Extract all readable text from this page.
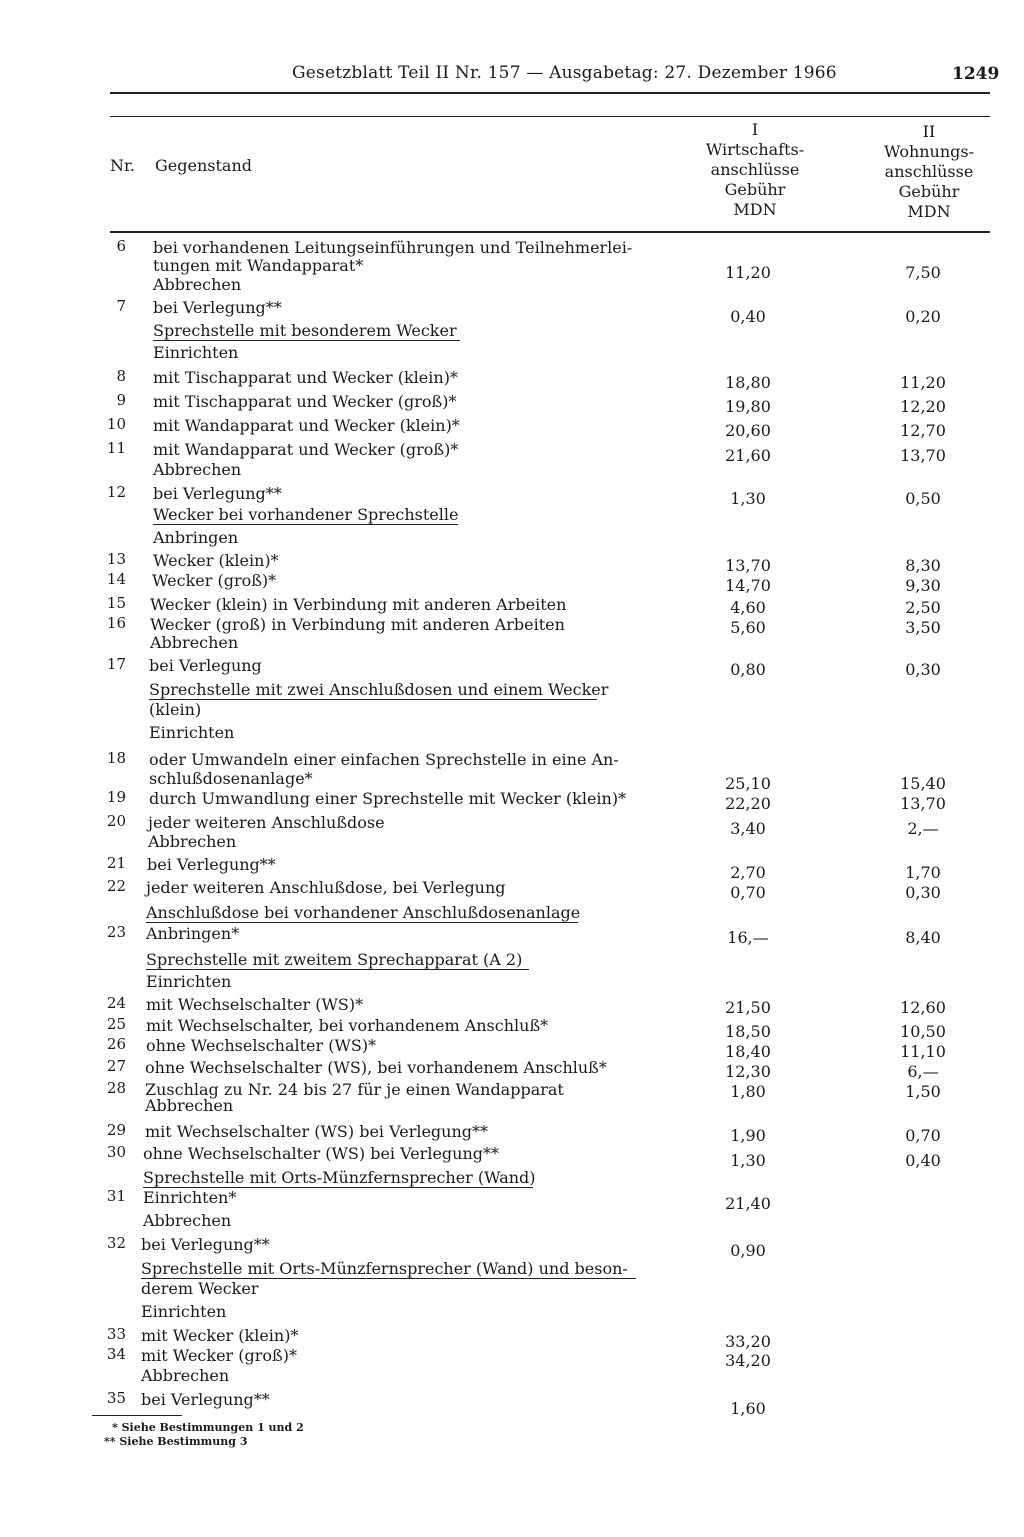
Gesetzblatt Teil II Nr. 157 — Ausgabetag: 27. Dezember 1966	1249
Nr. Gegenstand
I
Wirtschafts-
anschlüsse
Gebühr
MDN
II
Wohnungs-
anschlüsse
Gebühr
MDN
6 bei vorhandenen Leitungseinführungen und Teilnehmerlei-
tungen mit Wandapparat*
Abbrechen
11,20	7,50
7 bei Verlegung**
Sprechstelle mit besonderem Wecker
Einrichten
0,40	0,20
8 mit Tischapparat und Wecker (klein)*	18,80	11,20
9 mit Tischapparat und Wecker (groß)*	19,80	12,20
10 mit Wandapparat und Wecker (klein)*	20,60	12,70
11 mit Wandapparat und Wecker (groß)*
Abbrechen
21,60	13,70
12 bei Verlegung**
Wecker bei vorhandener Sprechstelle
Anbringen
1,30	0,50
13 Wecker (klein)*	13,70	8,30
14 Wecker (groß)*	14,70	9,30
15 Wecker (klein) in Verbindung mit anderen Arbeiten	4,60	2,50
16 Wecker (groß) in Verbindung mit anderen Arbeiten
Abbrechen
5,60	3,50
17 bei Verlegung
Sprechstelle mit zwei Anschlußdosen und einem Wecker
(klein)
Einrichten
0,80	0,30
18 oder Umwandeln einer einfachen Sprechstelle in eine An-
schlußdosenanlage*	25,10	15,40
19 durch Umwandlung einer Sprechstelle mit Wecker (klein)*	22,20	13,70
20 jeder weiteren Anschlußdose
Abbrechen
3,40	2,—
21 bei Verlegung**	2,70	1,70
22 jeder weiteren Anschlußdose, bei Verlegung
Anschlußdose bei vorhandener Anschlußdosenanlage
0,70	0,30
23 Anbringen*
Sprechstelle mit zweitem Sprechapparat (A 2)
Einrichten
16,—	8,40
24 mit Wechselschalter (WS)*	21,50	12,60
25 mit Wechselschalter, bei vorhandenem Anschluß*	18,50	10,50
26 ohne Wechselschalter (WS)*	18,40	11,10
27 ohne Wechselschalter (WS), bei vorhandenem Anschluß*	12,30	6,—
28 Zuschlag zu Nr. 24 bis 27 für je einen Wandapparat
Abbrechen
1,80	1,50
29 mit Wechselschalter (WS) bei Verlegung**	1,90	0,70
30 ohne Wechselschalter (WS) bei Verlegung**
Sprechstelle mit Orts-Münzfernsprecher (Wand)
1,30	0,40
31 Einrichten*
Abbrechen
21,40
32 bei Verlegung**
Sprechstelle mit Orts-Münzfernsprecher (Wand) und beson-
derem Wecker
Einrichten
0,90
33 mit Wecker (klein)*	33,20
34 mit Wecker (groß)*
Abbrechen
34,20
35 bei Verlegung**	1,60
* Siehe Bestimmungen 1 und 2
** Siehe Bestimmung 3
